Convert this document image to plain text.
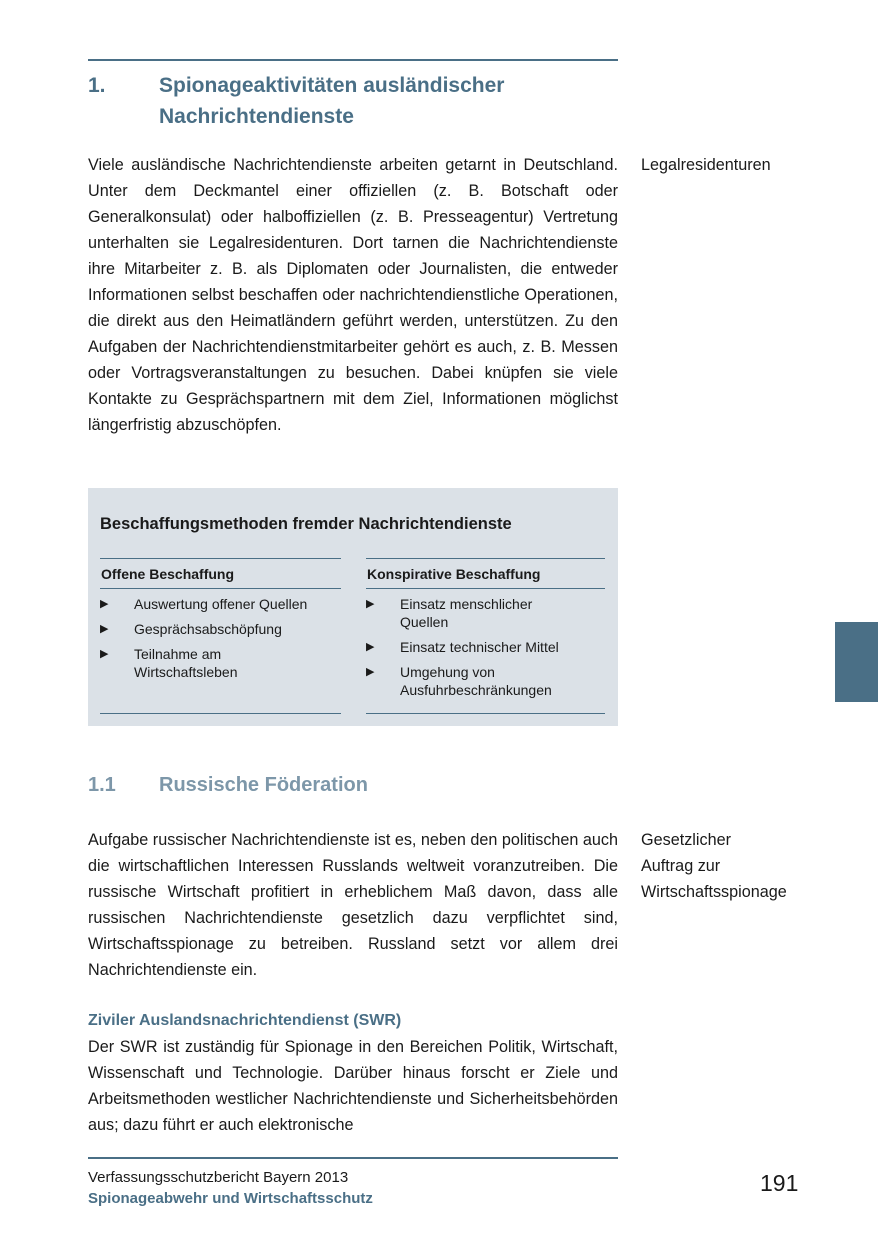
1.	Spionageaktivitäten ausländischer Nachrichtendienste
Viele ausländische Nachrichtendienste arbeiten getarnt in Deutschland. Unter dem Deckmantel einer offiziellen (z. B. Botschaft oder Generalkonsulat) oder halboffiziellen (z. B. Presseagentur) Vertretung unterhalten sie Legalresidenturen. Dort tarnen die Nachrichtendienste ihre Mitarbeiter z. B. als Diplomaten oder Journalisten, die entweder Informationen selbst beschaffen oder nachrichtendienstliche Operationen, die direkt aus den Heimatländern geführt werden, unterstützen. Zu den Aufgaben der Nachrichtendienstmitarbeiter gehört es auch, z. B. Messen oder Vortragsveranstaltungen zu besuchen. Dabei knüpfen sie viele Kontakte zu Gesprächspartnern mit dem Ziel, Informationen möglichst längerfristig abzuschöpfen.
Legalresidenturen
Beschaffungsmethoden fremder Nachrichtendienste
Offene Beschaffung
▶ Auswertung offener Quellen
▶ Gesprächsabschöpfung
▶ Teilnahme am Wirtschaftsleben
Konspirative Beschaffung
▶ Einsatz menschlicher Quellen
▶ Einsatz technischer Mittel
▶ Umgehung von Ausfuhrbeschränkungen
1.1 Russische Föderation
Aufgabe russischer Nachrichtendienste ist es, neben den politischen auch die wirtschaftlichen Interessen Russlands weltweit voranzutreiben. Die russische Wirtschaft profitiert in erheblichem Maß davon, dass alle russischen Nachrichtendienste gesetzlich dazu verpflichtet sind, Wirtschaftsspionage zu betreiben. Russland setzt vor allem drei Nachrichtendienste ein.
Gesetzlicher Auftrag zur Wirtschaftsspionage
Ziviler Auslandsnachrichtendienst (SWR)
Der SWR ist zuständig für Spionage in den Bereichen Politik, Wirtschaft, Wissenschaft und Technologie. Darüber hinaus forscht er Ziele und Arbeitsmethoden westlicher Nachrichtendienste und Sicherheitsbehörden aus; dazu führt er auch elektronische
Verfassungsschutzbericht Bayern 2013
Spionageabwehr und Wirtschaftsschutz
191
